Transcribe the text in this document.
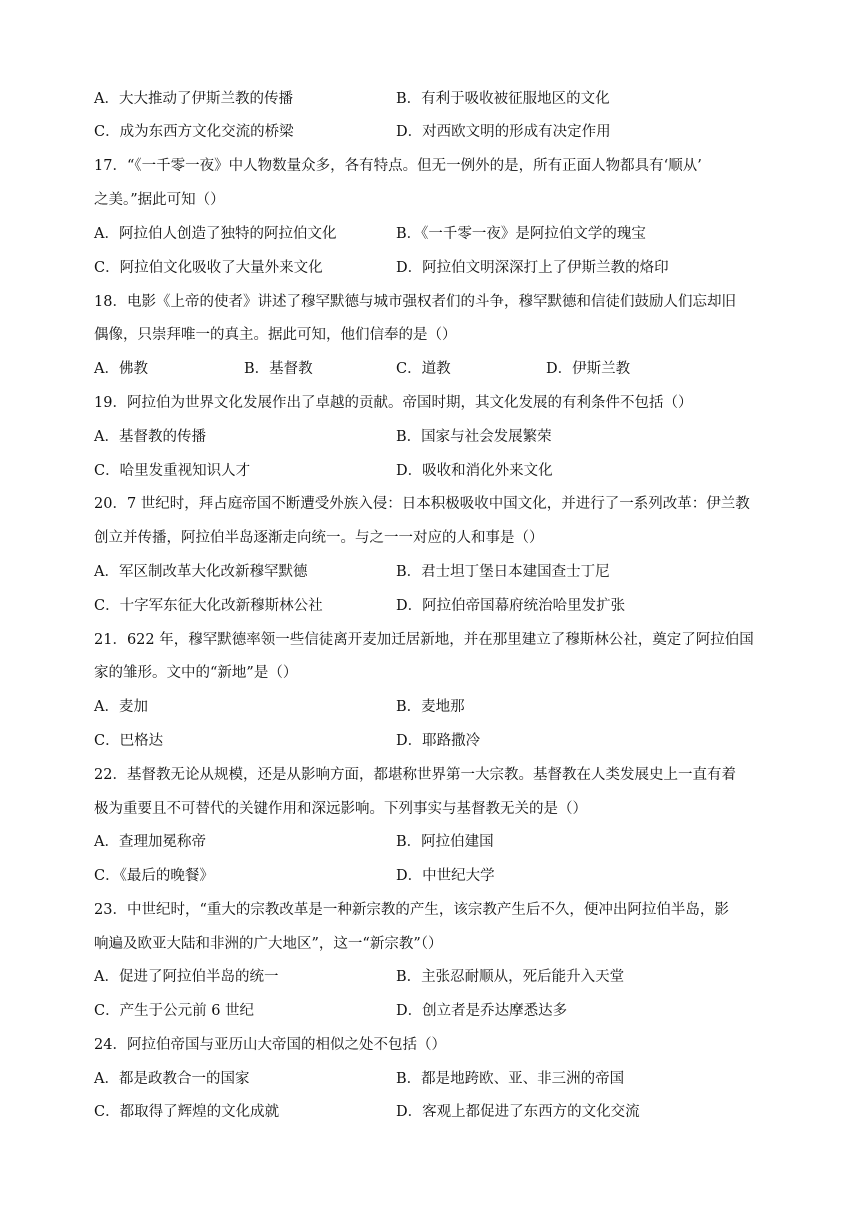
A．大大推动了伊斯兰教的传播	B．有利于吸收被征服地区的文化
C．成为东西方文化交流的桥梁	D．对西欧文明的形成有决定作用
17．“《一千零一夜》中人物数量众多，各有特点。但无一例外的是，所有正面人物都具有‘顺从’
之美。”据此可知（）
A．阿拉伯人创造了独特的阿拉伯文化	B．《一千零一夜》是阿拉伯文学的瑰宝
C．阿拉伯文化吸收了大量外来文化	D．阿拉伯文明深深打上了伊斯兰教的烙印
18．电影《上帝的使者》讲述了穆罕默德与城市强权者们的斗争，穆罕默德和信徒们鼓励人们忘却旧
偶像，只崇拜唯一的真主。据此可知，他们信奉的是（）
A．佛教	B．基督教	C．道教	D．伊斯兰教
19．阿拉伯为世界文化发展作出了卓越的贡献。帝国时期，其文化发展的有利条件不包括（）
A．基督教的传播	B．国家与社会发展繁荣
C．哈里发重视知识人才	D．吸收和消化外来文化
20．7 世纪时，拜占庭帝国不断遭受外族入侵：日本积极吸收中国文化，并进行了一系列改革：伊兰教
创立并传播，阿拉伯半岛逐渐走向统一。与之一一对应的人和事是（）
A．军区制改革大化改新穆罕默德	B．君士坦丁堡日本建国查士丁尼
C．十字军东征大化改新穆斯林公社	D．阿拉伯帝国幕府统治哈里发扩张
21．622 年，穆罕默德率领一些信徒离开麦加迁居新地，并在那里建立了穆斯林公社，奠定了阿拉伯国
家的雏形。文中的“新地”是（）
A．麦加	B．麦地那
C．巴格达	D．耶路撒冷
22．基督教无论从规模，还是从影响方面，都堪称世界第一大宗教。基督教在人类发展史上一直有着
极为重要且不可替代的关键作用和深远影响。下列事实与基督教无关的是（）
A．查理加冕称帝	B．阿拉伯建国
C．《最后的晚餐》	D．中世纪大学
23．中世纪时，“重大的宗教改革是一种新宗教的产生，该宗教产生后不久，便冲出阿拉伯半岛，影
响遍及欧亚大陆和非洲的广大地区”，这一“新宗教”（）
A．促进了阿拉伯半岛的统一	B．主张忍耐顺从，死后能升入天堂
C．产生于公元前 6 世纪	D．创立者是乔达摩悉达多
24．阿拉伯帝国与亚历山大帝国的相似之处不包括（）
A．都是政教合一的国家	B．都是地跨欧、亚、非三洲的帝国
C．都取得了辉煌的文化成就	D．客观上都促进了东西方的文化交流
